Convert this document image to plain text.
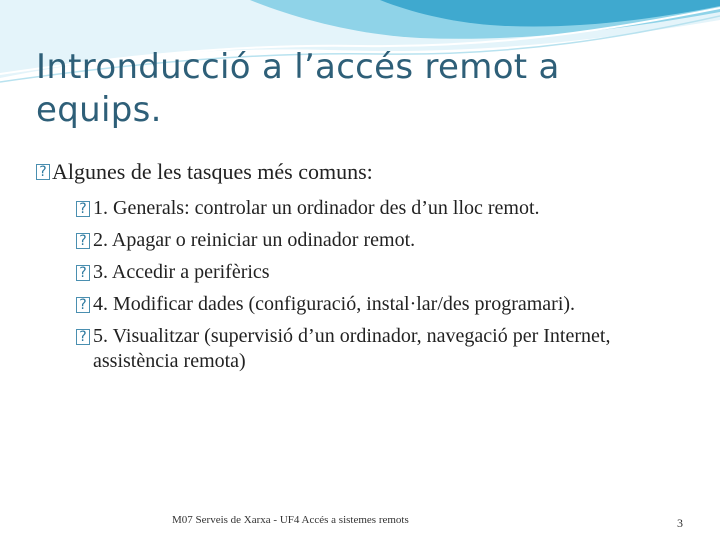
Intronducció a l’accés remot a equips.
? Algunes de les tasques més comuns:
? 1. Generals: controlar un ordinador des d’un lloc remot.
? 2. Apagar o reiniciar un odinador remot.
? 3. Accedir a perifèrics
? 4. Modificar dades (configuració, instal·lar/des programari).
? 5. Visualitzar (supervisió d’un ordinador, navegació per Internet, assistència remota)
M07 Serveis de Xarxa - UF4 Accés a sistemes remots	3
